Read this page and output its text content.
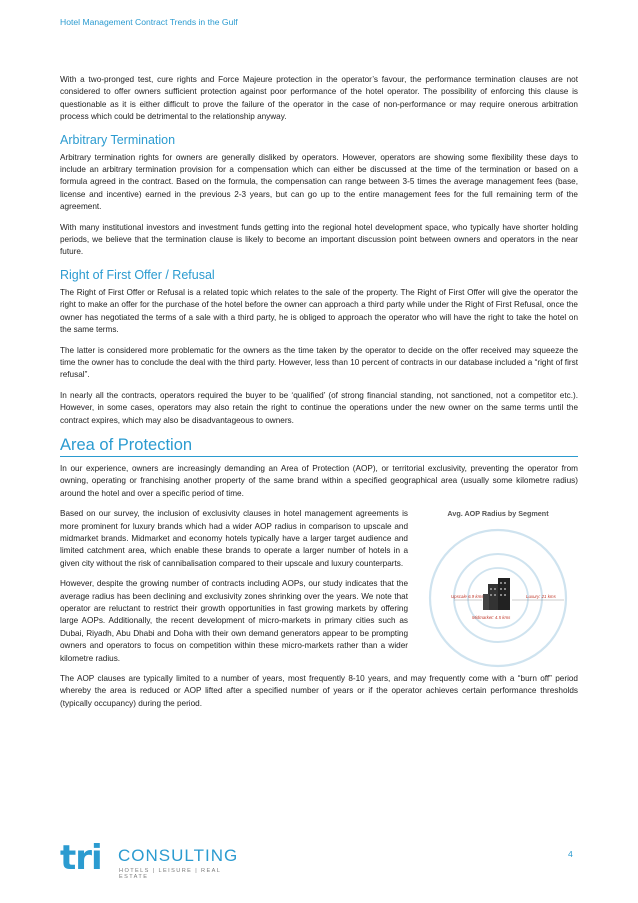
Hotel Management Contract Trends in the Gulf

With a two-pronged test, cure rights and Force Majeure protection in the operator’s favour, the performance termination clauses are not considered to offer owners sufficient protection against poor performance of the hotel operator. The possibility of enforcing this clause is questionable as it is either difficult to prove the failure of the operator in the case of non-performance or may require onerous arbitration process which could be detrimental to the relationship anyway.

Arbitrary Termination

Arbitrary termination rights for owners are generally disliked by operators. However, operators are showing some flexibility these days to include an arbitrary termination provision for a compensation which can either be discussed at the time of the termination or based on a formula agreed in the contract. Based on the formula, the compensation can range between 3-5 times the average management fees (base, license and incentive) earned in the previous 2-3 years, but can go up to the entire management fees for the full remaining term of the agreement.

With many institutional investors and investment funds getting into the regional hotel development space, who typically have shorter holding periods, we believe that the termination clause is likely to become an important discussion point between owners and operators in the near future.

Right of First Offer / Refusal

The Right of First Offer or Refusal is a related topic which relates to the sale of the property. The Right of First Offer will give the operator the right to make an offer for the purchase of the hotel before the owner can approach a third party while under the Right of First Refusal, once the owner has negotiated the terms of a sale with a third party, he is obliged to approach the operator who will have the right to take the hotel on the same terms.

The latter is considered more problematic for the owners as the time taken by the operator to decide on the offer received may squeeze the time the owner has to conclude the deal with the third party. However, less than 10 percent of contracts in our database included a “right of first refusal”.

In nearly all the contracts, operators required the buyer to be ‘qualified’ (of strong financial standing, not sanctioned, not a competitor etc.). However, in some cases, operators may also retain the right to continue the operations under the new owner on the same terms until the contract expires, which may also be disadvantageous to owners.

Area of Protection

In our experience, owners are increasingly demanding an Area of Protection (AOP), or territorial exclusivity, preventing the operator from owning, operating or franchising another property of the same brand within a specified geographical area (usually some kilometre radius) around the hotel and over a specific period of time.

Avg. AOP Radius by Segment
Upscale 6.9 kms	Luxury: 21 kms
Midmarket: 4.5 kms

Based on our survey, the inclusion of exclusivity clauses in hotel management agreements is more prominent for luxury brands which had a wider AOP radius in comparison to upscale and midmarket brands. Midmarket and economy hotels typically have a larger target audience and limited catchment area, which enable these brands to operate a larger number of hotels in a given city without the risk of cannibalisation compared to their upscale and luxury counterparts.

However, despite the growing number of contracts including AOPs, our study indicates that the average radius has been declining and exclusivity zones shrinking over the years. We note that operator are reluctant to restrict their growth opportunities in fast growing markets by offering large AOPs. Additionally, the recent development of micro-markets in primary cities such as Dubai, Riyadh, Abu Dhabi and Doha with their own demand generators appear to be prompting owners and operators to focus on competition within these micro-markets rather than a wider kilometre radius.

The AOP clauses are typically limited to a number of years, most frequently 8-10 years, and may frequently come with a “burn off” period whereby the area is reduced or AOP lifted after a specified number of years or if the operator achieves certain performance thresholds (typically occupancy) during the period.

4
tri CONSULTING
HOTELS | LEISURE | REAL ESTATE
